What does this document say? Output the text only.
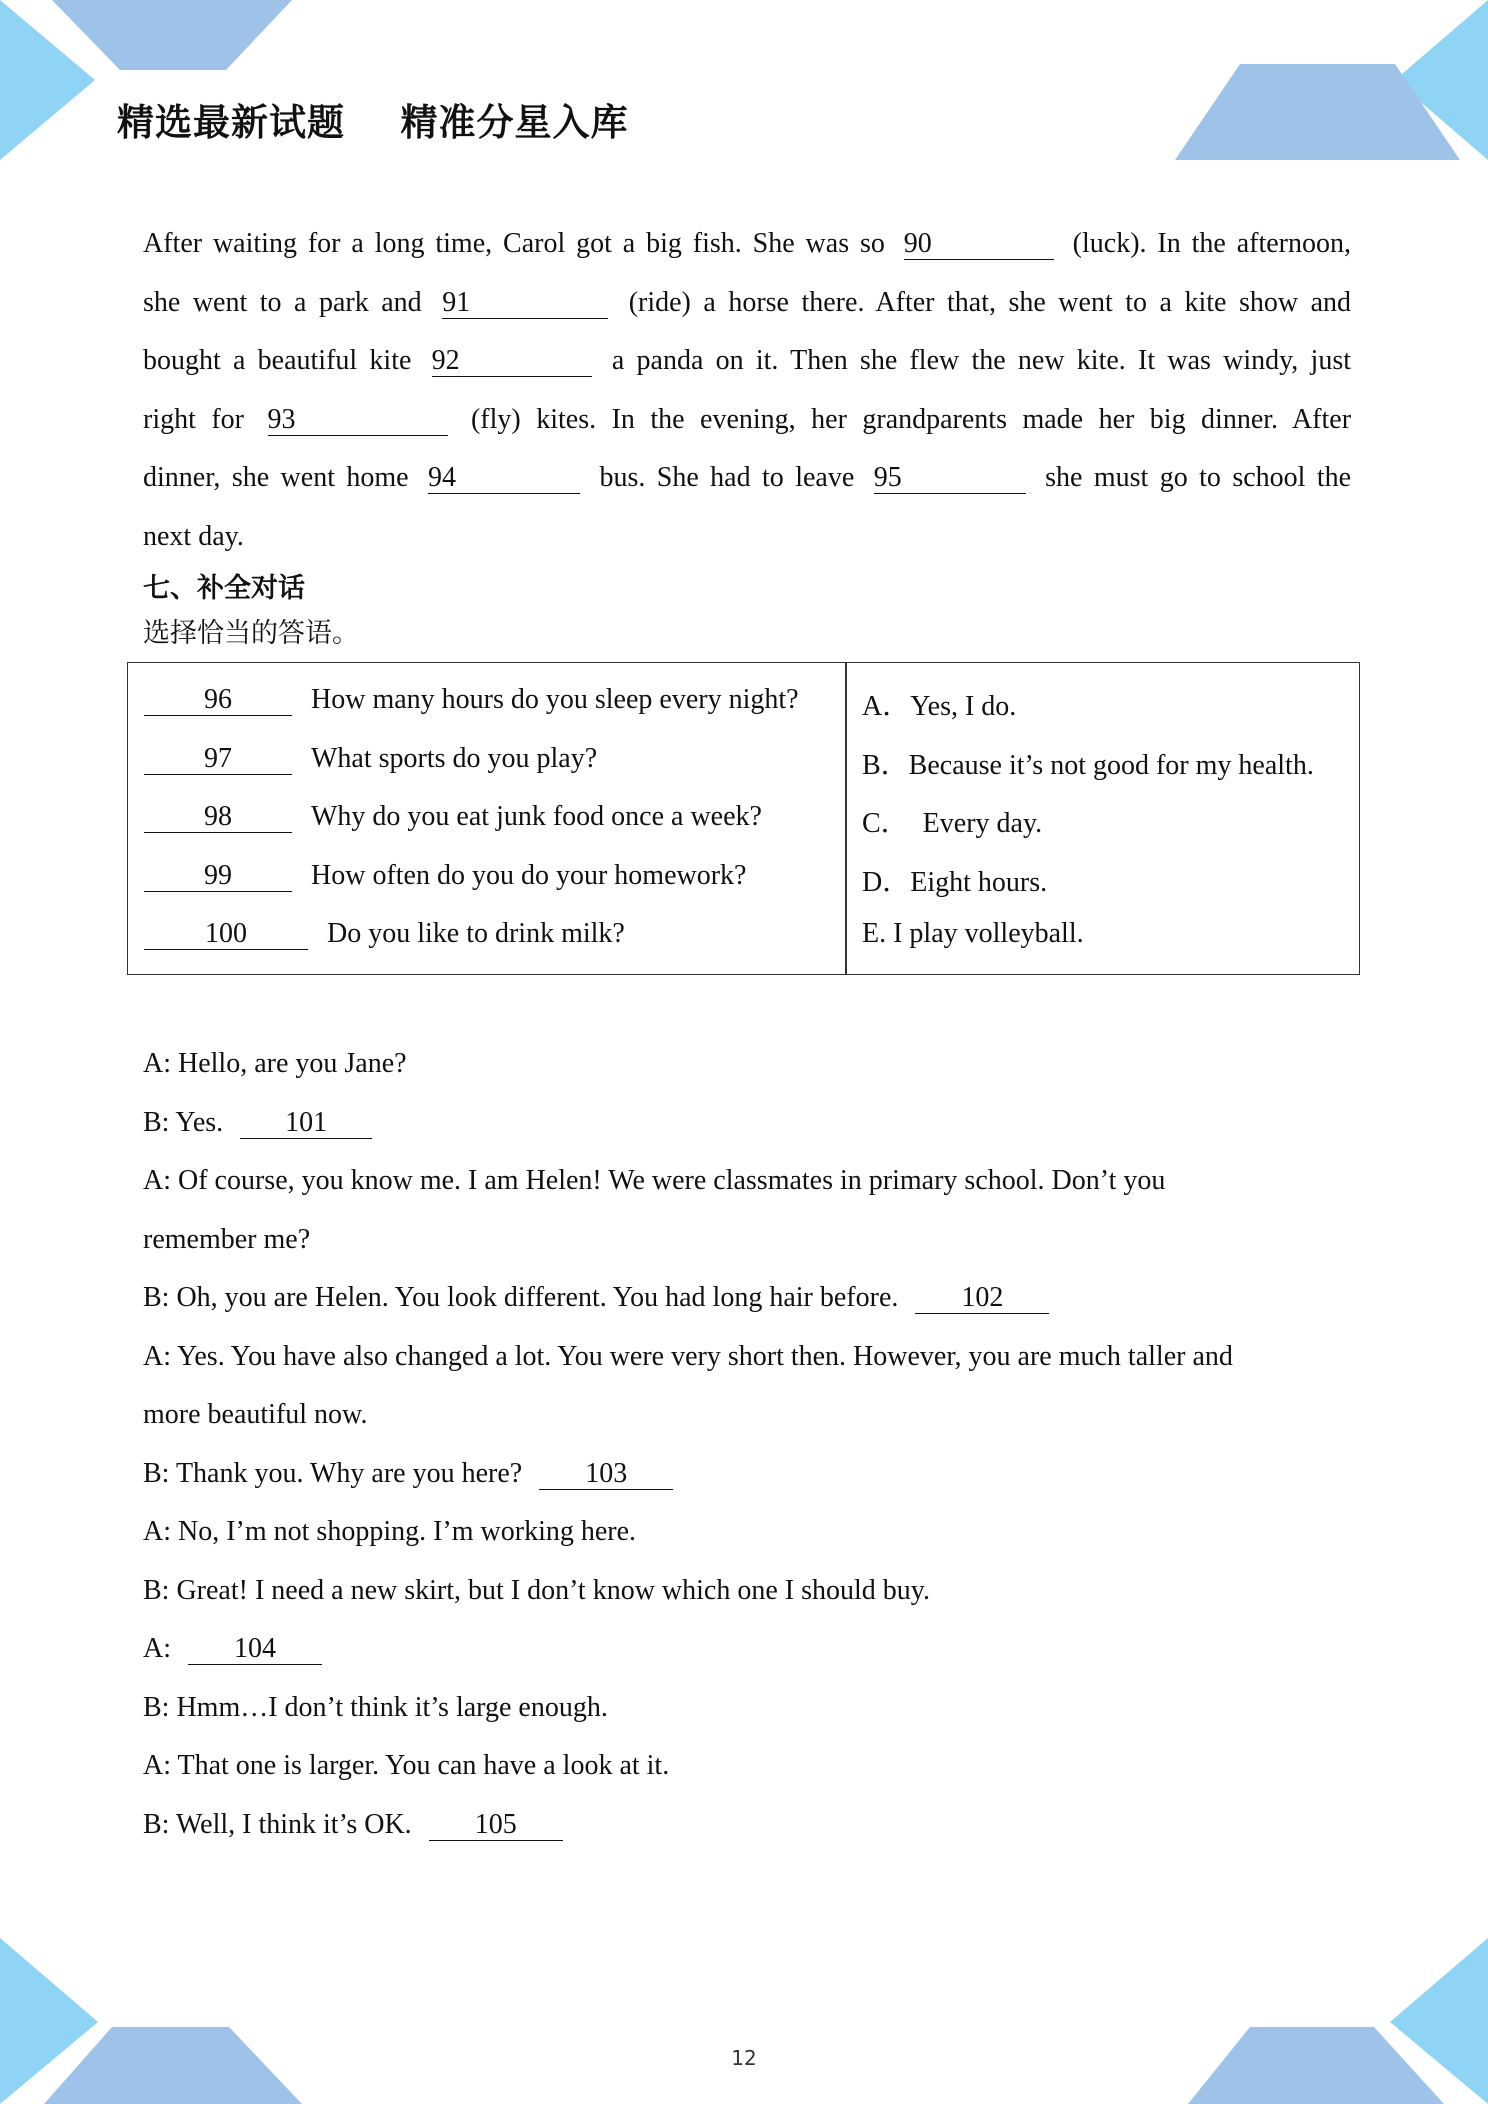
精选最新试题    精准分星入库
After waiting for a long time, Carol got a big fish. She was so 90	(luck). In the afternoon,
she went to a park and 91	(ride) a horse there. After that, she went to a kite show and
bought a beautiful kite 92	a panda on it. Then she flew the new kite. It was windy, just
right for 93	(fly) kites. In the evening, her grandparents made her big dinner. After
dinner, she went home 94	bus. She had to leave 95	she must go to school the
next day.
七、补全对话
选择恰当的答语。
96	How many hours do you sleep every night?
97	What sports do you play?
98	Why do you eat junk food once a week?
99	How often do you do your homework?
100	Do you like to drink milk?
A．Yes, I do.
B．Because it’s not good for my health.
C．  Every day.
D．Eight hours.
E. I play volleyball.
A: Hello, are you Jane?
B: Yes. 101
A: Of course, you know me. I am Helen! We were classmates in primary school. Don’t you
remember me?
B: Oh, you are Helen. You look different. You had long hair before. 102
A: Yes. You have also changed a lot. You were very short then. However, you are much taller and
more beautiful now.
B: Thank you. Why are you here? 103
A: No, I’m not shopping. I’m working here.
B: Great! I need a new skirt, but I don’t know which one I should buy.
A: 104
B: Hmm…I don’t think it’s large enough.
A: That one is larger. You can have a look at it.
B: Well, I think it’s OK. 105
12
